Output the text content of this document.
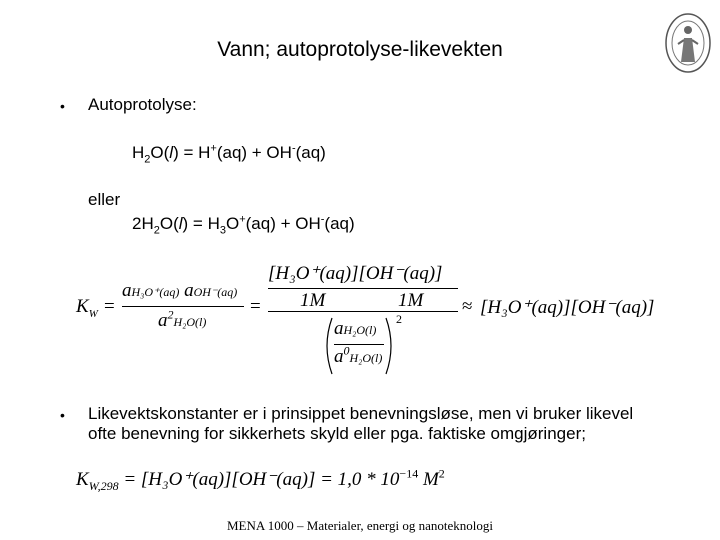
Vann; autoprotolyse-likevekten
• Autoprotolyse:
$H_2O(l) = H^+(aq) + OH^-(aq)$
eller
$2H_2O(l) = H_3O^+(aq) + OH^-(aq)$
$K_W$ =
aH₃O⁺(aq) aOH⁻(aq)
$a^2H_2O(l)$
=
[H₃O⁺(aq)][OH⁻(aq)]
1M	1M
aH₂O(l)
$a^0H_2O(l)$
2
≈ [H₃O⁺(aq)][OH⁻(aq)]
• Likevektskonstanter er i prinsippet benevningsløse, men vi bruker likevel
ofte benevning for sikkerhets skyld eller pga. faktiske omgjøringer;
$K_{W,298} = [H_3O^+(aq)][OH^-(aq)] = 1,0 * 10^{-14}$ $M^2$
MENA 1000 – Materialer, energi og nanoteknologi
